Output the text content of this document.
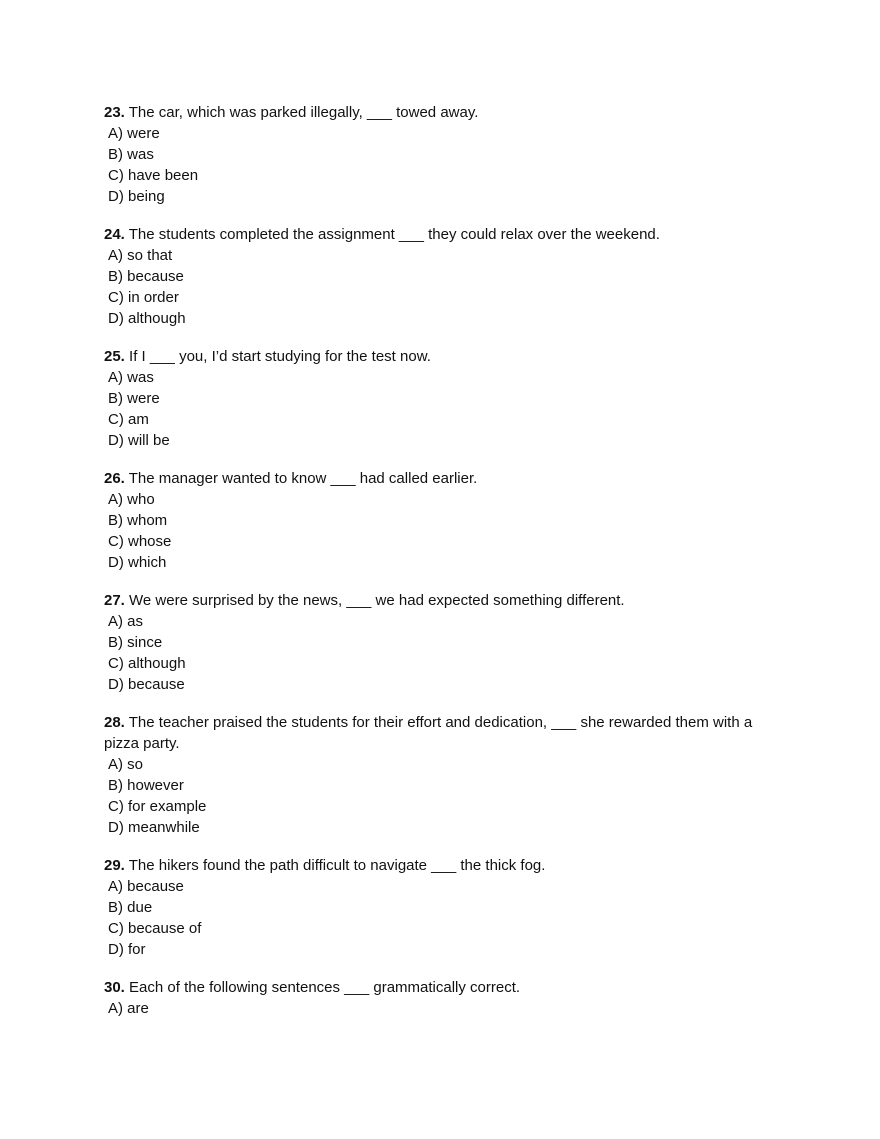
23. The car, which was parked illegally, ___ towed away.

A) were
B) was
C) have been
D) being

24. The students completed the assignment ___ they could relax over the weekend.

A) so that
B) because
C) in order
D) although

25. If I ___ you, I’d start studying for the test now.

A) was
B) were
C) am
D) will be

26. The manager wanted to know ___ had called earlier.

A) who
B) whom
C) whose
D) which

27. We were surprised by the news, ___ we had expected something different.

A) as
B) since
C) although
D) because

28. The teacher praised the students for their effort and dedication, ___ she rewarded them with a pizza party.

A) so
B) however
C) for example
D) meanwhile

29. The hikers found the path difficult to navigate ___ the thick fog.

A) because
B) due
C) because of
D) for

30. Each of the following sentences ___ grammatically correct.

A) are
